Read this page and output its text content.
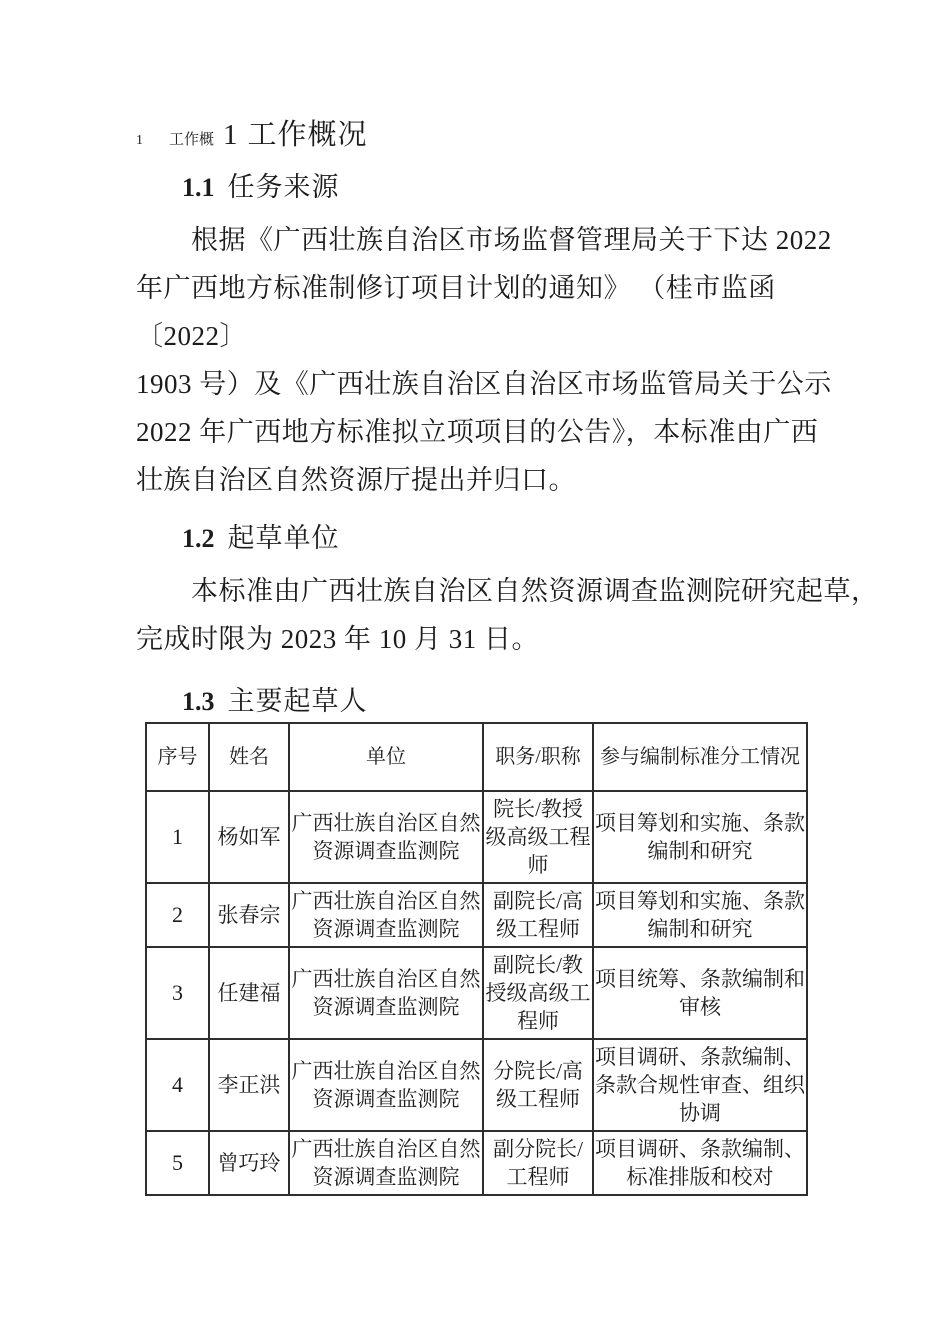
1 工作概 1 工作概况
1.1 任务来源
根据《广西壮族自治区市场监督管理局关于下达 2022
年广西地方标准制修订项目计划的通知》 （桂市监函
〔2022〕
1903 号）及《广西壮族自治区自治区市场监管局关于公示
2022 年广西地方标准拟立项项目的公告》，本标准由广西
壮族自治区自然资源厅提出并归口。
1.2 起草单位
本标准由广西壮族自治区自然资源调查监测院研究起草，
完成时限为 2023 年 10 月 31 日。
1.3 主要起草人
序号	姓名	单位	职务/职称	参与编制标准分工情况
1	杨如军	广西壮族自治区自然资源调查监测院	院长/教授级高级工程师	项目筹划和实施、条款编制和研究
2	张春宗	广西壮族自治区自然资源调查监测院	副院长/高级工程师	项目筹划和实施、条款编制和研究
3	任建福	广西壮族自治区自然资源调查监测院	副院长/教授级高级工程师	项目统筹、条款编制和审核
4	李正洪	广西壮族自治区自然资源调查监测院	分院长/高级工程师	项目调研、条款编制、条款合规性审查、组织协调
5	曾巧玲	广西壮族自治区自然资源调查监测院	副分院长/工程师	项目调研、条款编制、标准排版和校对
